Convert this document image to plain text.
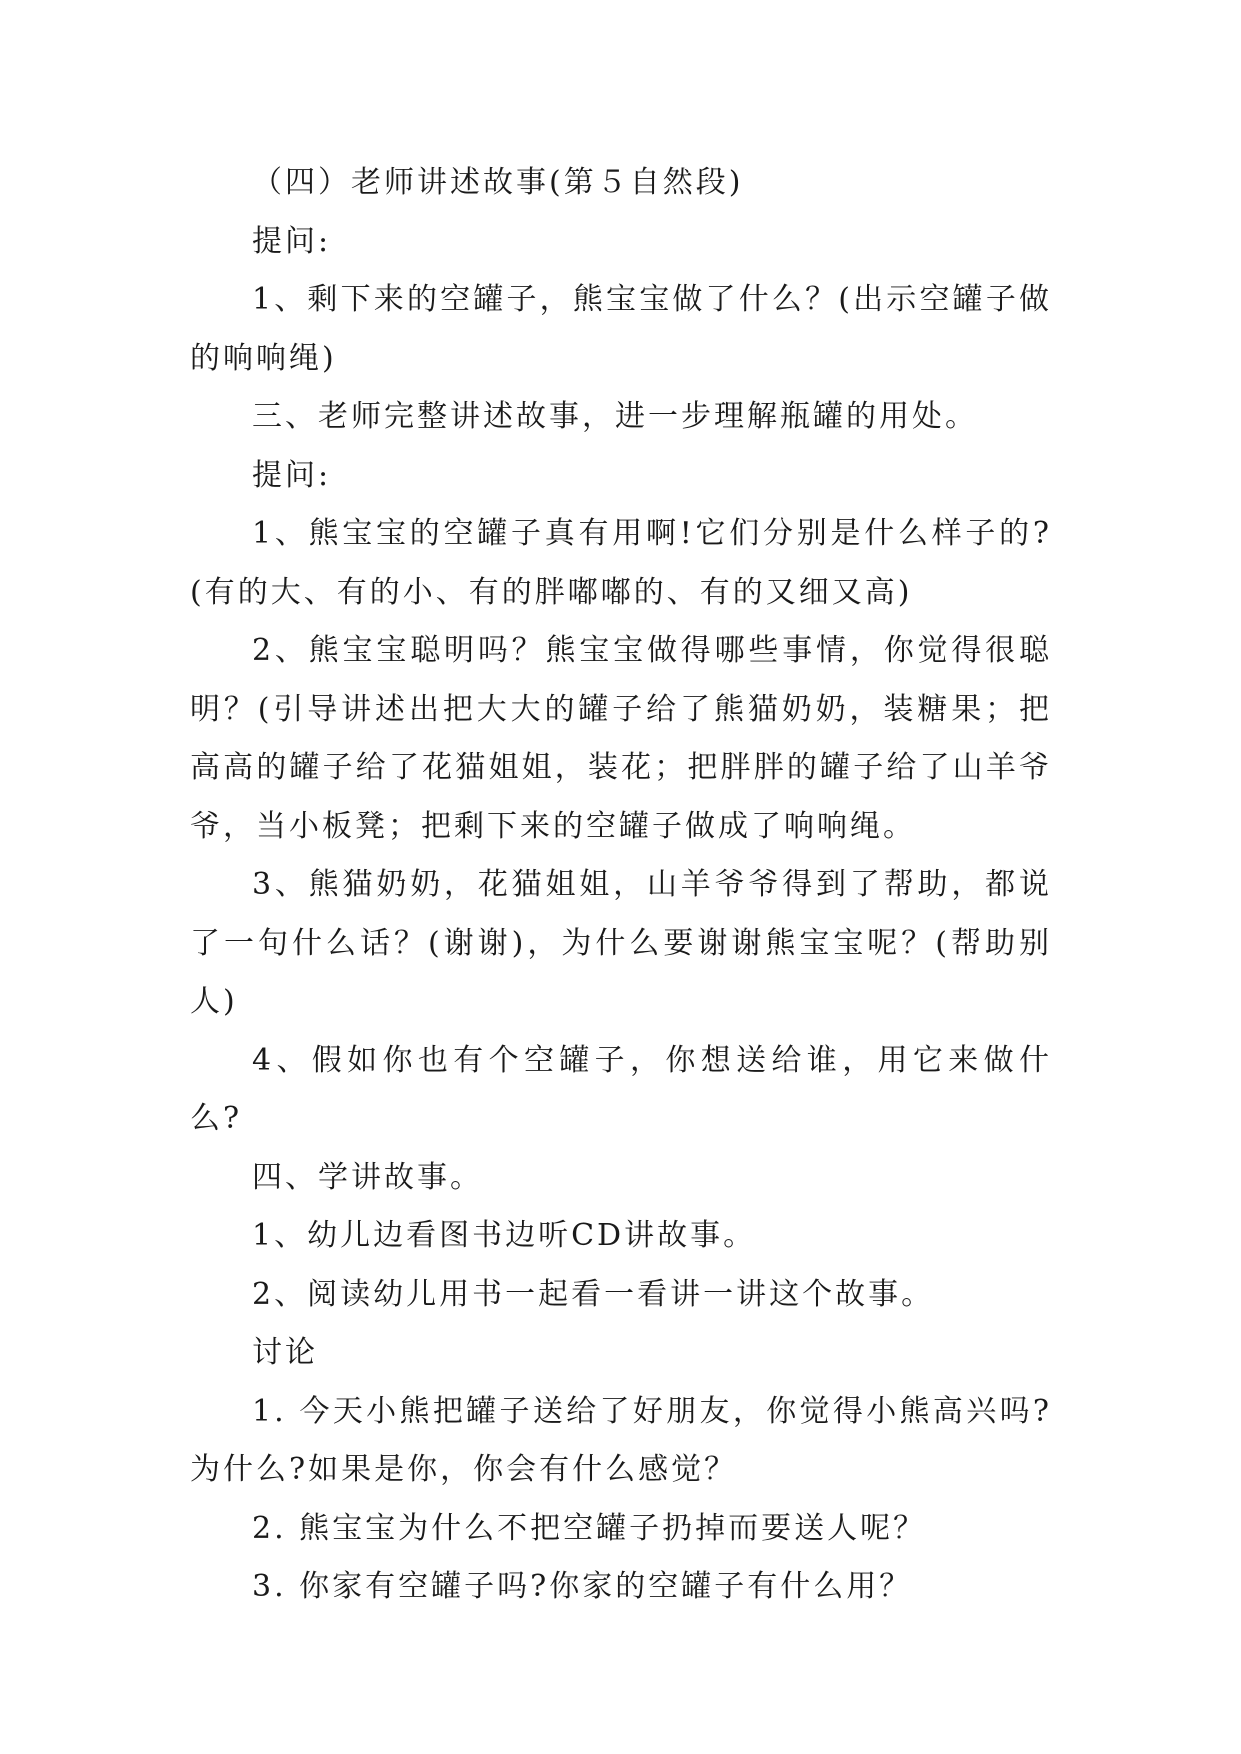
（四）老师讲述故事(第５自然段)

提问:

1、剩下来的空罐子，熊宝宝做了什么？(出示空罐子做的响响绳)

三、老师完整讲述故事，进一步理解瓶罐的用处。

提问:

1、熊宝宝的空罐子真有用啊!它们分别是什么样子的?(有的大、有的小、有的胖嘟嘟的、有的又细又高)

2、熊宝宝聪明吗？熊宝宝做得哪些事情，你觉得很聪明？(引导讲述出把大大的罐子给了熊猫奶奶，装糖果；把高高的罐子给了花猫姐姐，装花；把胖胖的罐子给了山羊爷爷，当小板凳；把剩下来的空罐子做成了响响绳。

3、熊猫奶奶，花猫姐姐，山羊爷爷得到了帮助，都说了一句什么话？(谢谢)，为什么要谢谢熊宝宝呢？(帮助别人)

4、假如你也有个空罐子，你想送给谁，用它来做什么?

四、学讲故事。

1、幼儿边看图书边听CD讲故事。

2、阅读幼儿用书一起看一看讲一讲这个故事。

讨论

1. 今天小熊把罐子送给了好朋友，你觉得小熊高兴吗?为什么?如果是你，你会有什么感觉？

2. 熊宝宝为什么不把空罐子扔掉而要送人呢？

3. 你家有空罐子吗?你家的空罐子有什么用？
